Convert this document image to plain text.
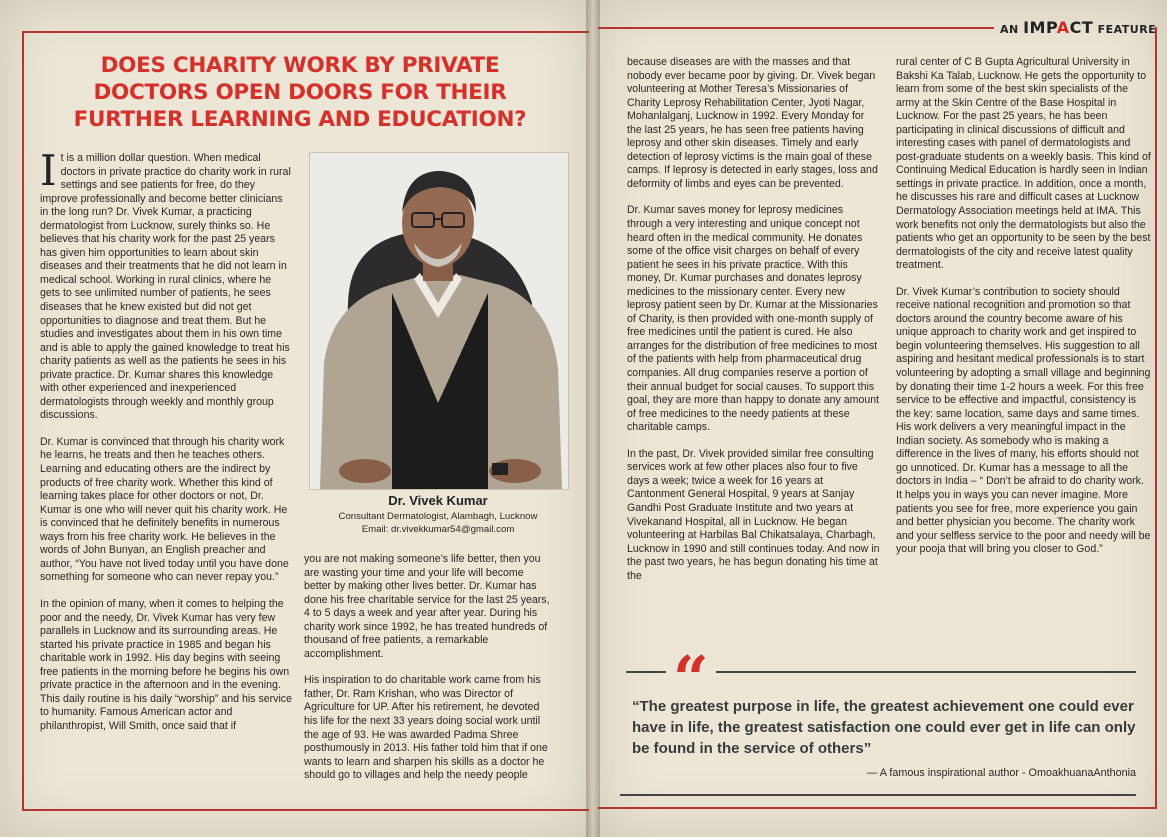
AN IMPACT FEATURE
DOES CHARITY WORK BY PRIVATE DOCTORS OPEN DOORS FOR THEIR FURTHER LEARNING AND EDUCATION?

It is a million dollar question. When medical doctors in private practice do charity work in rural settings and see patients for free, do they improve professionally and become better clinicians in the long run? Dr. Vivek Kumar, a practicing dermatologist from Lucknow, surely thinks so. He believes that his charity work for the past 25 years has given him opportunities to learn about skin diseases and their treatments that he did not learn in medical school. Working in rural clinics, where he gets to see unlimited number of patients, he sees diseases that he knew existed but did not get opportunities to diagnose and treat them. But he studies and investigates about them in his own time and is able to apply the gained knowledge to treat his charity patients as well as the patients he sees in his private practice. Dr. Kumar shares this knowledge with other experienced and inexperienced dermatologists through weekly and monthly group discussions.

Dr. Kumar is convinced that through his charity work he learns, he treats and then he teaches others. Learning and educating others are the indirect by products of free charity work. Whether this kind of learning takes place for other doctors or not, Dr. Kumar is one who will never quit his charity work. He is convinced that he definitely benefits in numerous ways from his free charity work. He believes in the words of John Bunyan, an English preacher and author, “You have not lived today until you have done something for someone who can never repay you.”

In the opinion of many, when it comes to helping the poor and the needy, Dr. Vivek Kumar has very few parallels in Lucknow and its surrounding areas. He started his private practice in 1985 and began his charitable work in 1992. His day begins with seeing free patients in the morning before he begins his own private practice in the afternoon and in the evening. This daily routine is his daily “worship” and his service to humanity. Famous American actor and philanthropist, Will Smith, once said that if

Dr. Vivek Kumar
Consultant Dermatologist, Alambagh, Lucknow
Email: dr.vivekkumar54@gmail.com

you are not making someone’s life better, then you are wasting your time and your life will become better by making other lives better. Dr. Kumar has done his free charitable service for the last 25 years, 4 to 5 days a week and year after year. During his charity work since 1992, he has treated hundreds of thousand of free patients, a remarkable accomplishment.

His inspiration to do charitable work came from his father, Dr. Ram Krishan, who was Director of Agriculture for UP. After his retirement, he devoted his life for the next 33 years doing social work until the age of 93. He was awarded Padma Shree posthumously in 2013. His father told him that if one wants to learn and sharpen his skills as a doctor he should go to villages and help the needy people

because diseases are with the masses and that nobody ever became poor by giving. Dr. Vivek began volunteering at Mother Teresa’s Missionaries of Charity Leprosy Rehabilitation Center, Jyoti Nagar, Mohanlalganj, Lucknow in 1992. Every Monday for the last 25 years, he has seen free patients having leprosy and other skin diseases. Timely and early detection of leprosy victims is the main goal of these camps. If leprosy is detected in early stages, loss and deformity of limbs and eyes can be prevented.

Dr. Kumar saves money for leprosy medicines through a very interesting and unique concept not heard often in the medical community. He donates some of the office visit charges on behalf of every patient he sees in his private practice. With this money, Dr. Kumar purchases and donates leprosy medicines to the missionary center. Every new leprosy patient seen by Dr. Kumar at the Missionaries of Charity, is then provided with one-month supply of free medicines until the patient is cured. He also arranges for the distribution of free medicines to most of the patients with help from pharmaceutical drug companies. All drug companies reserve a portion of their annual budget for social causes. To support this goal, they are more than happy to donate any amount of free medicines to the needy patients at these charitable camps.

In the past, Dr. Vivek provided similar free consulting services work at few other places also four to five days a week; twice a week for 16 years at Cantonment General Hospital, 9 years at Sanjay Gandhi Post Graduate Institute and two years at Vivekanand Hospital, all in Lucknow. He began volunteering at Harbilas Bal Chikatsalaya, Charbagh, Lucknow in 1990 and still continues today. And now in the past two years, he has begun donating his time at the

rural center of C B Gupta Agricultural University in Bakshi Ka Talab, Lucknow. He gets the opportunity to learn from some of the best skin specialists of the army at the Skin Centre of the Base Hospital in Lucknow. For the past 25 years, he has been participating in clinical discussions of difficult and interesting cases with panel of dermatologists and post-graduate students on a weekly basis. This kind of Continuing Medical Education is hardly seen in Indian settings in private practice. In addition, once a month, he discusses his rare and difficult cases at Lucknow Dermatology Association meetings held at IMA. This work benefits not only the dermatologists but also the patients who get an opportunity to be seen by the best dermatologists of the city and receive latest quality treatment.

Dr. Vivek Kumar’s contribution to society should receive national recognition and promotion so that doctors around the country become aware of his unique approach to charity work and get inspired to begin volunteering themselves. His suggestion to all aspiring and hesitant medical professionals is to start volunteering by adopting a small village and beginning by donating their time 1-2 hours a week. For this free service to be effective and impactful, consistency is the key: same location, same days and same times.

His work delivers a very meaningful impact in the Indian society. As somebody who is making a difference in the lives of many, his efforts should not go unnoticed. Dr. Kumar has a message to all the doctors in India – “ Don’t be afraid to do charity work. It helps you in ways you can never imagine. More patients you see for free, more experience you gain and better physician you become. The charity work and your selfless service to the poor and needy will be your pooja that will bring you closer to God.”

“
“The greatest purpose in life, the greatest achievement one could ever have in life, the greatest satisfaction one could ever get in life can only be found in the service of others”
— A famous inspirational author - OmoakhuanaAnthonia
